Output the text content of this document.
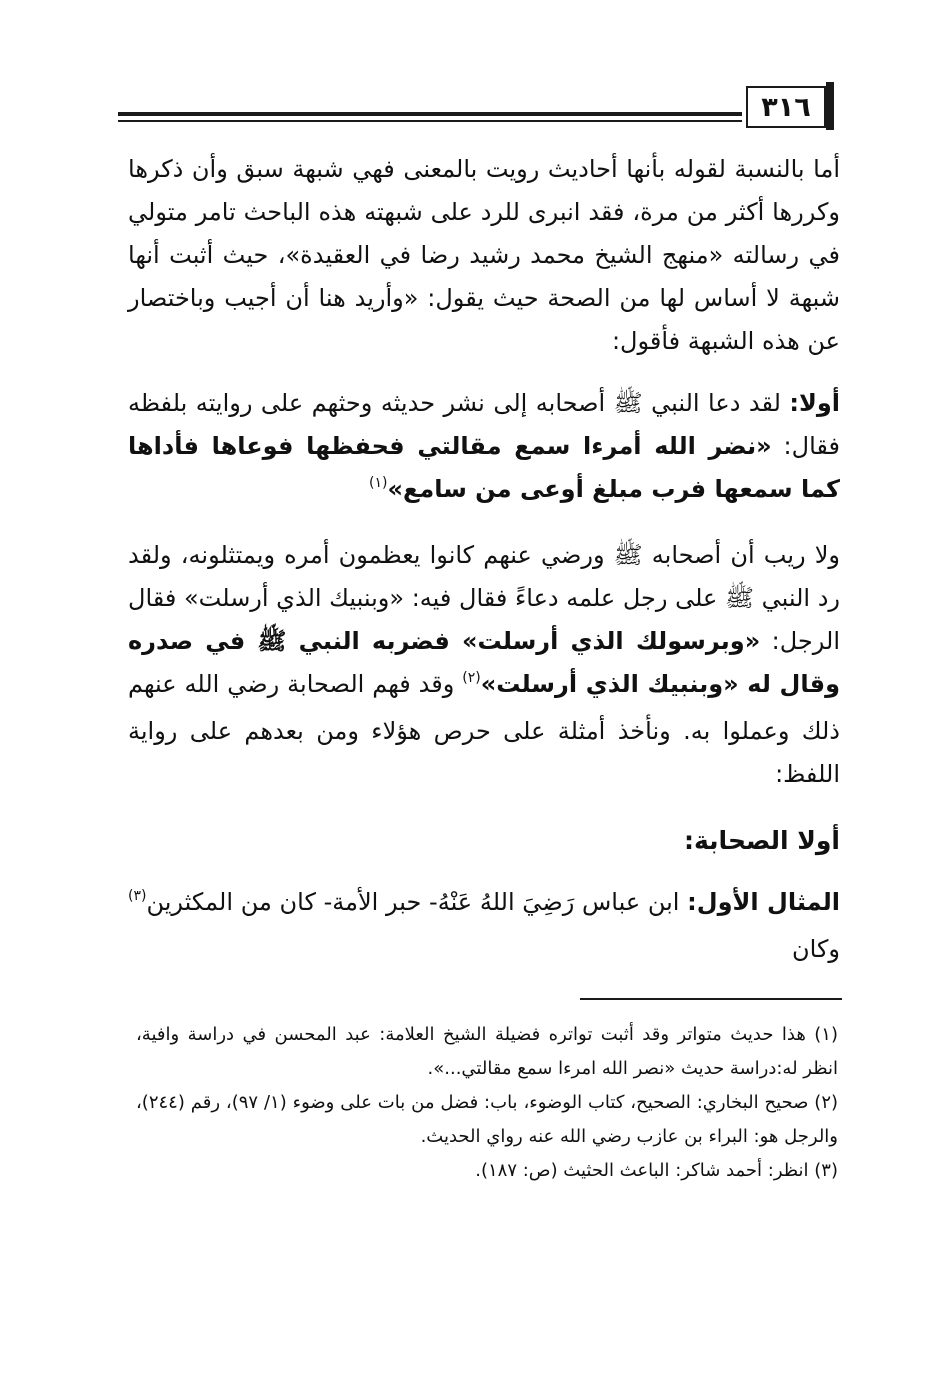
٣١٦

أما بالنسبة لقوله بأنها أحاديث رويت بالمعنى فهي شبهة سبق وأن ذكرها وكررها أكثر من مرة، فقد انبرى للرد على شبهته هذه الباحث تامر متولي في رسالته «منهج الشيخ محمد رشيد رضا في العقيدة»، حيث أثبت أنها شبهة لا أساس لها من الصحة حيث يقول: «وأريد هنا أن أجيب وباختصار عن هذه الشبهة فأقول:

أولا: لقد دعا النبي ﷺ أصحابه إلى نشر حديثه وحثهم على روايته بلفظه فقال: «نضر الله أمرءا سمع مقالتي فحفظها فوعاها فأداها كما سمعها فرب مبلغ أوعى من سامع»$^{(١)}$

ولا ريب أن أصحابه ﷺ ورضي عنهم كانوا يعظمون أمره ويمتثلونه، ولقد رد النبي ﷺ على رجل علمه دعاءً فقال فيه: «وبنبيك الذي أرسلت» فقال الرجل: «وبرسولك الذي أرسلت» فضربه النبي ﷺ في صدره وقال له «وبنبيك الذي أرسلت»$^{(٢)}$ وقد فهم الصحابة رضي الله عنهم ذلك وعملوا به. ونأخذ أمثلة على حرص هؤلاء ومن بعدهم على رواية اللفظ:

أولا الصحابة:

المثال الأول: ابن عباس رَضِيَ اللهُ عَنْهُ- حبر الأمة- كان من المكثرين$^{(٣)}$ وكان

(١) هذا حديث متواتر وقد أثبت تواتره فضيلة الشيخ العلامة: عبد المحسن في دراسة وافية، انظر له:دراسة حديث «نصر الله امرءا سمع مقالتي...».

(٢) صحيح البخاري: الصحيح، كتاب الوضوء، باب: فضل من بات على وضوء (١/ ٩٧)، رقم (٢٤٤)، والرجل هو: البراء بن عازب رضي الله عنه رواي الحديث.

(٣) انظر: أحمد شاكر: الباعث الحثيث (ص: ١٨٧).
